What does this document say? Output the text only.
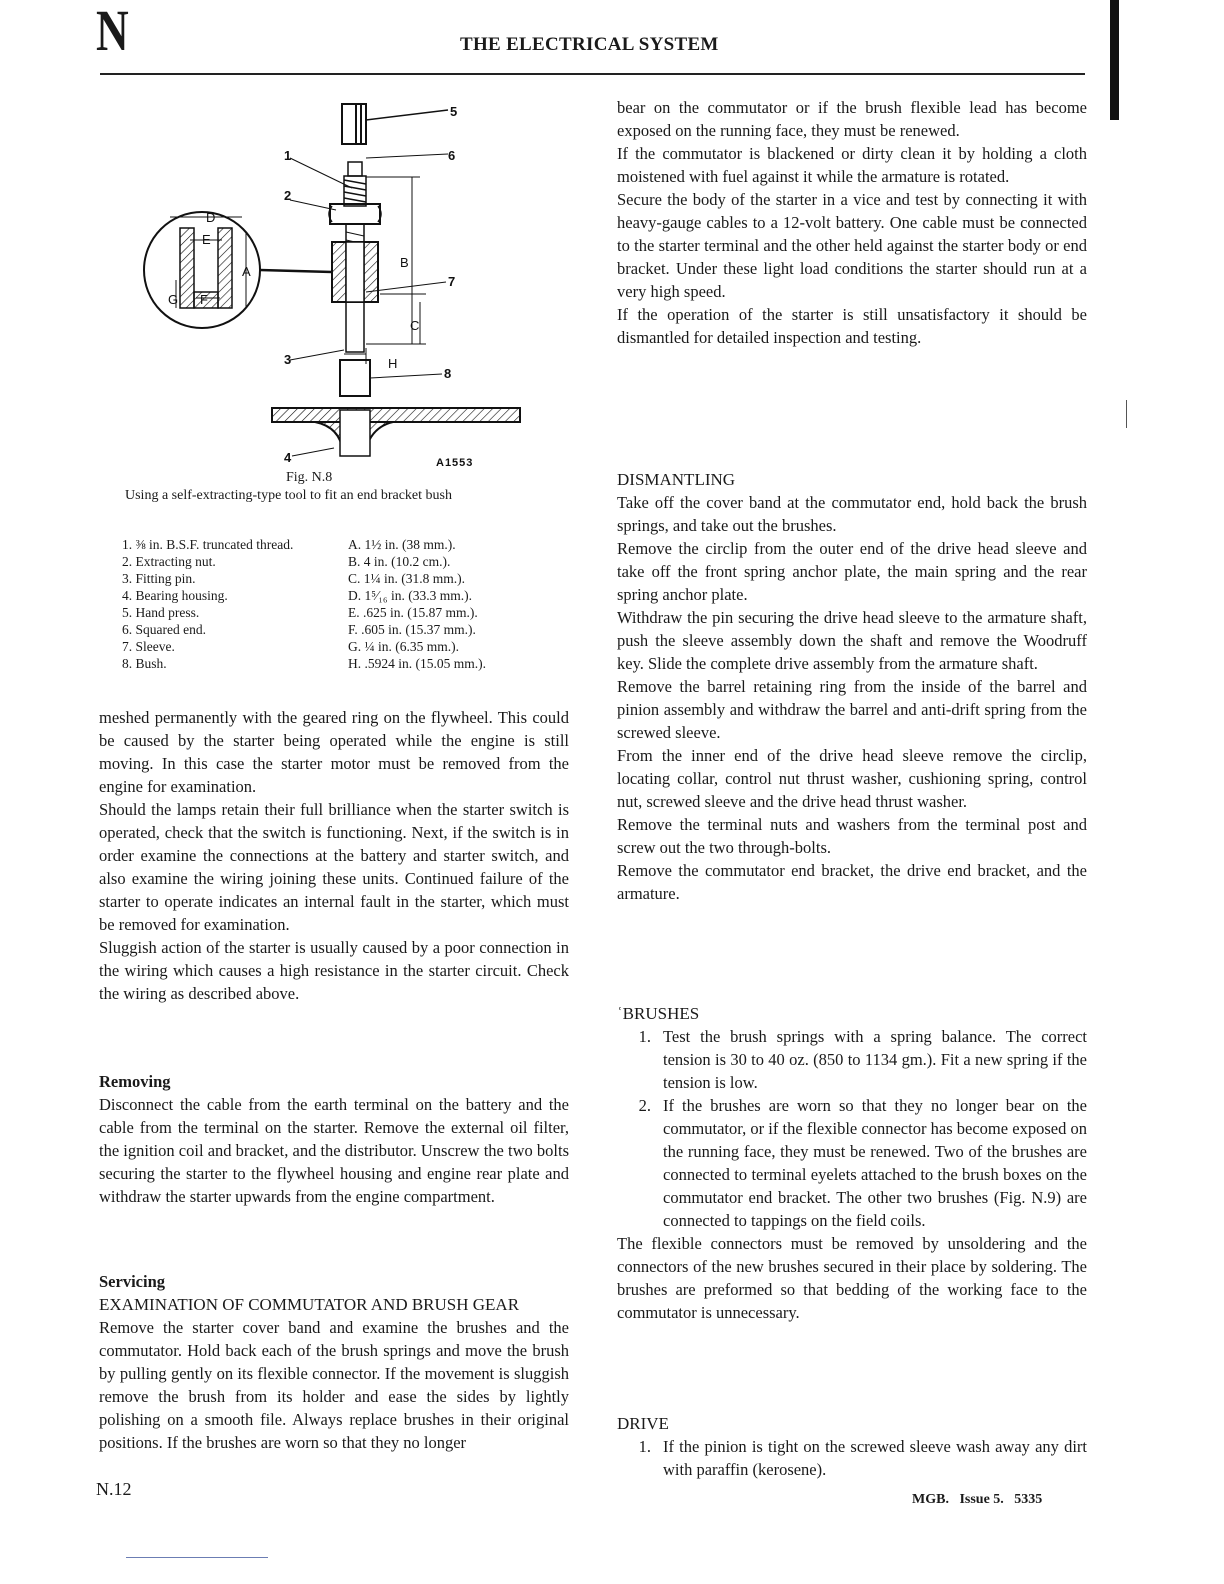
N	THE ELECTRICAL SYSTEM
5
1	6
2
D
E
A
B
7
F
G
C
3	H
8
4	A1553
Fig. N.8
Using a self-extracting-type tool to fit an end bracket bush
1. ⅜ in. B.S.F. truncated thread.	A. 1½ in. (38 mm.).
2. Extracting nut.	B. 4 in. (10.2 cm.).
3. Fitting pin.	C. 1¼ in. (31.8 mm.).
4. Bearing housing.	D. 1⁵⁄₁₆ in. (33.3 mm.).
5. Hand press.	E. .625 in. (15.87 mm.).
6. Squared end.	F. .605 in. (15.37 mm.).
7. Sleeve.	G. ¼ in. (6.35 mm.).
8. Bush.	H. .5924 in. (15.05 mm.).

meshed permanently with the geared ring on the flywheel. This could be caused by the starter being operated while the engine is still moving. In this case the starter motor must be removed from the engine for examination.

Should the lamps retain their full brilliance when the starter switch is operated, check that the switch is functioning. Next, if the switch is in order examine the connections at the battery and starter switch, and also examine the wiring joining these units. Continued failure of the starter to operate indicates an internal fault in the starter, which must be removed for examination.

Sluggish action of the starter is usually caused by a poor connection in the wiring which causes a high resistance in the starter circuit. Check the wiring as described above.

Removing

Disconnect the cable from the earth terminal on the battery and the cable from the terminal on the starter. Remove the external oil filter, the ignition coil and bracket, and the distributor. Unscrew the two bolts securing the starter to the flywheel housing and engine rear plate and withdraw the starter upwards from the engine compartment.

Servicing

EXAMINATION OF COMMUTATOR AND BRUSH GEAR

Remove the starter cover band and examine the brushes and the commutator. Hold back each of the brush springs and move the brush by pulling gently on its flexible connector. If the movement is sluggish remove the brush from its holder and ease the sides by lightly polishing on a smooth file. Always replace brushes in their original positions. If the brushes are worn so that they no longer

bear on the commutator or if the brush flexible lead has become exposed on the running face, they must be renewed.

If the commutator is blackened or dirty clean it by holding a cloth moistened with fuel against it while the armature is rotated.

Secure the body of the starter in a vice and test by connecting it with heavy-gauge cables to a 12-volt battery. One cable must be connected to the starter terminal and the other held against the starter body or end bracket. Under these light load conditions the starter should run at a very high speed.

If the operation of the starter is still unsatisfactory it should be dismantled for detailed inspection and testing.

DISMANTLING

Take off the cover band at the commutator end, hold back the brush springs, and take out the brushes.

Remove the circlip from the outer end of the drive head sleeve and take off the front spring anchor plate, the main spring and the rear spring anchor plate.

Withdraw the pin securing the drive head sleeve to the armature shaft, push the sleeve assembly down the shaft and remove the Woodruff key. Slide the complete drive assembly from the armature shaft.

Remove the barrel retaining ring from the inside of the barrel and pinion assembly and withdraw the barrel and anti-drift spring from the screwed sleeve.

From the inner end of the drive head sleeve remove the circlip, locating collar, control nut thrust washer, cushioning spring, control nut, screwed sleeve and the drive head thrust washer.

Remove the terminal nuts and washers from the terminal post and screw out the two through-bolts.

Remove the commutator end bracket, the drive end bracket, and the armature.

ʿBRUSHES

1. Test the brush springs with a spring balance. The correct tension is 30 to 40 oz. (850 to 1134 gm.). Fit a new spring if the tension is low.
2. If the brushes are worn so that they no longer bear on the commutator, or if the flexible connector has become exposed on the running face, they must be renewed. Two of the brushes are connected to terminal eyelets attached to the brush boxes on the commutator end bracket. The other two brushes (Fig. N.9) are connected to tappings on the field coils.

The flexible connectors must be removed by unsoldering and the connectors of the new brushes secured in their place by soldering. The brushes are preformed so that bedding of the working face to the commutator is unnecessary.

DRIVE

1. If the pinion is tight on the screwed sleeve wash away any dirt with paraffin (kerosene).
N.12
MGB.   Issue 5.   5335
